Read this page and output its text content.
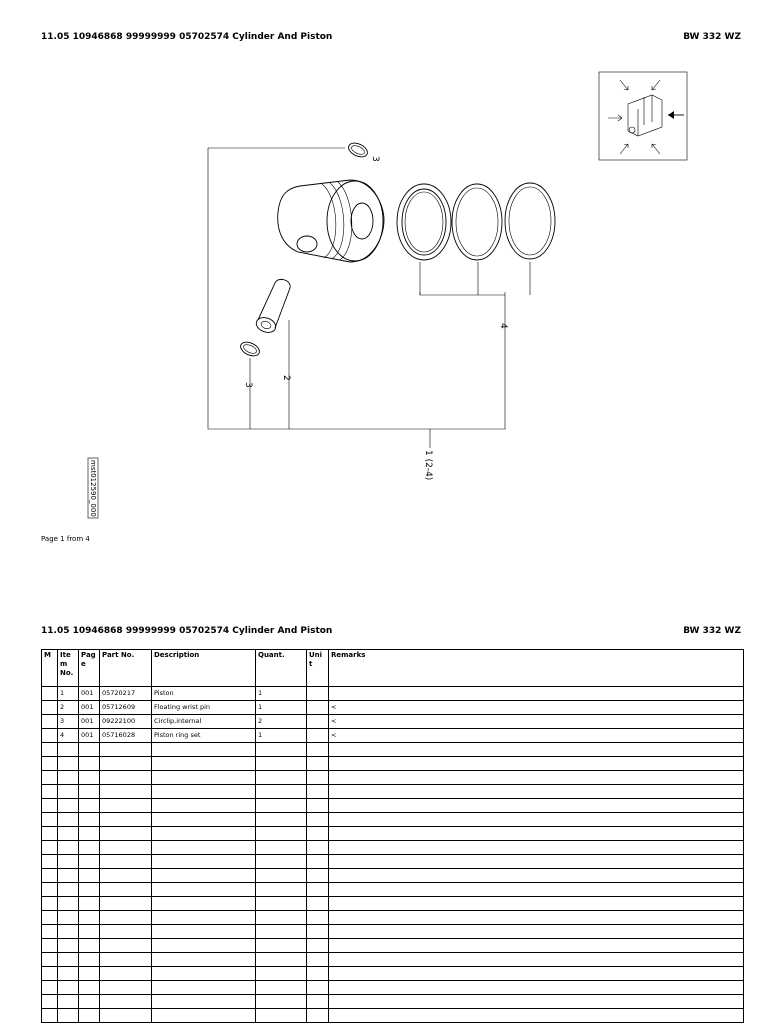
11.05 10946868 99999999 05702574 Cylinder And Piston	BW 332 WZ
3
2
3
4
1 (2-4)
mst012590_000
Page 1 from 4
11.05 10946868 99999999 05702574 Cylinder And Piston	BW 332 WZ
M	Ite m No.	Pag e	Part No.	Description	Quant.	Uni t	Remarks
	1	001	05720217	Piston	1		
	2	001	05712609	Floating wrist pin	1		<
	3	001	09222100	Circlip,internal	2		<
	4	001	05716028	Piston ring set	1		<
